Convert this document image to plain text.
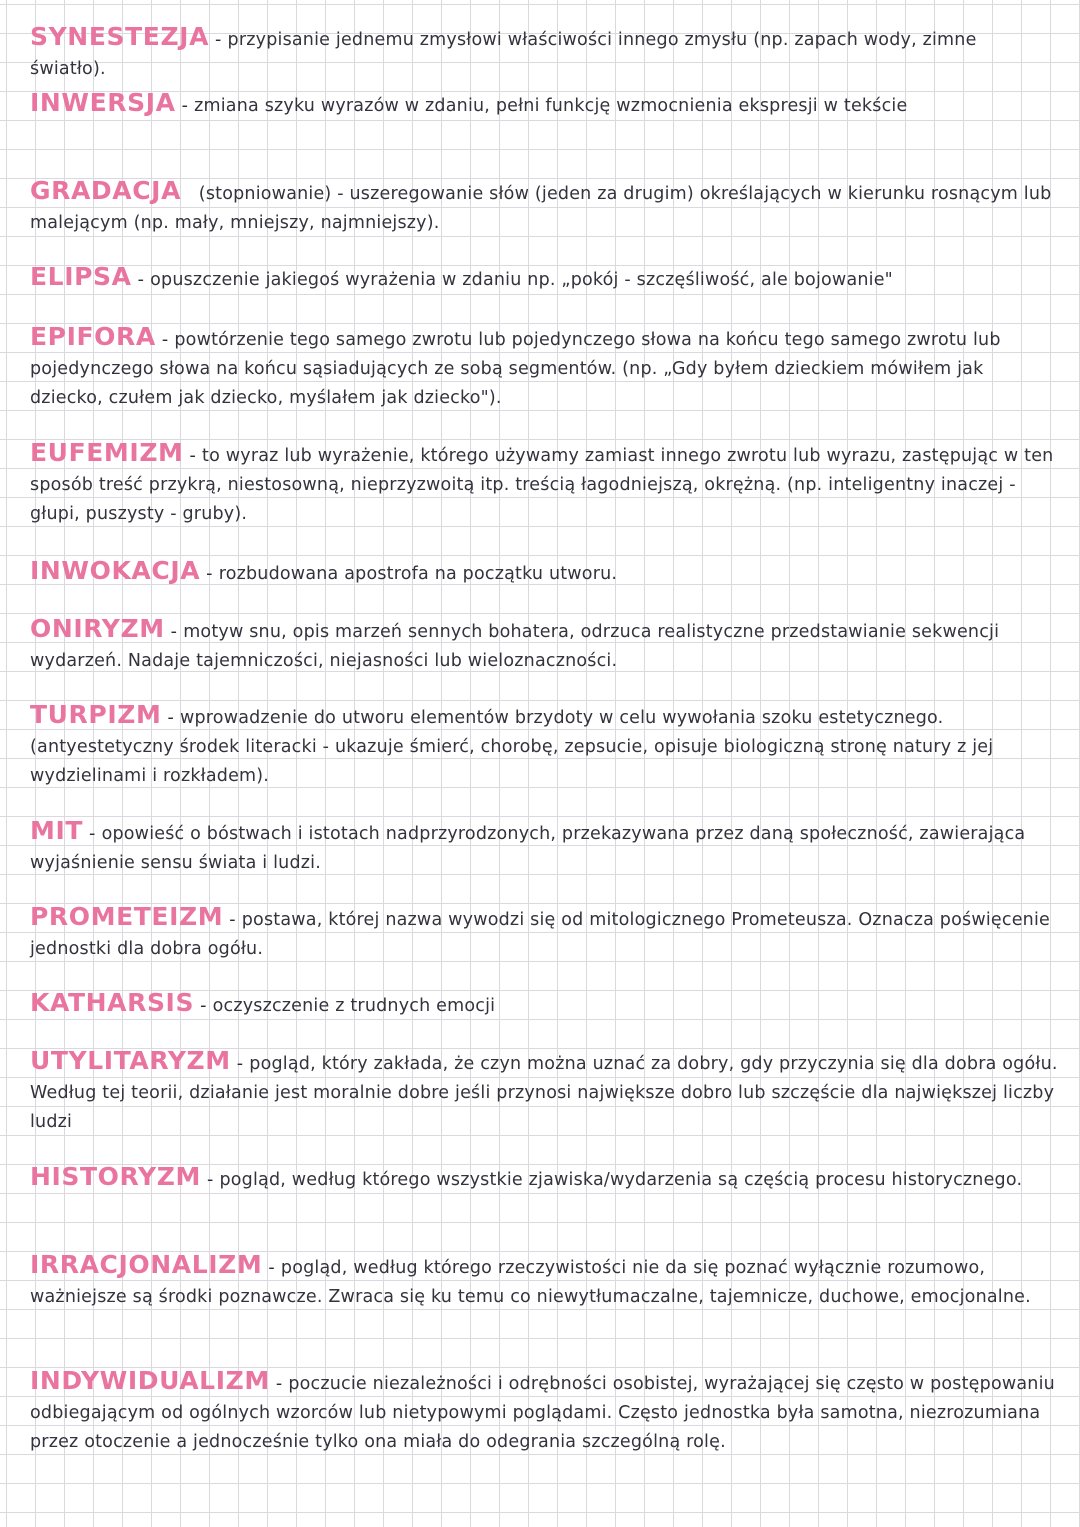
SYNESTEZJA - przypisanie jednemu zmysłowi właściwości innego zmysłu (np. zapach wody, zimne światło).
INWERSJA - zmiana szyku wyrazów w zdaniu, pełni funkcję wzmocnienia ekspresji w tekście
GRADACJA (stopniowanie) - uszeregowanie słów (jeden za drugim) określających w kierunku rosnącym lub malejącym (np. mały, mniejszy, najmniejszy).
ELIPSA - opuszczenie jakiegoś wyrażenia w zdaniu np. „pokój - szczęśliwość, ale bojowanie"
EPIFORA - powtórzenie tego samego zwrotu lub pojedynczego słowa na końcu tego samego zwrotu lub pojedynczego słowa na końcu sąsiadujących ze sobą segmentów. (np. „Gdy byłem dzieckiem mówiłem jak dziecko, czułem jak dziecko, myślałem jak dziecko").
EUFEMIZM - to wyraz lub wyrażenie, którego używamy zamiast innego zwrotu lub wyrazu, zastępując w ten sposób treść przykrą, niestosowną, nieprzyzwoitą itp. treścią łagodniejszą, okrężną. (np. inteligentny inaczej - głupi, puszysty - gruby).
INWOKACJA - rozbudowana apostrofa na początku utworu.
ONIRYZM - motyw snu, opis marzeń sennych bohatera, odrzuca realistyczne przedstawianie sekwencji wydarzeń. Nadaje tajemniczości, niejasności lub wieloznaczności.
TURPIZM - wprowadzenie do utworu elementów brzydoty w celu wywołania szoku estetycznego. (antyestetyczny środek literacki - ukazuje śmierć, chorobę, zepsucie, opisuje biologiczną stronę natury z jej wydzielinami i rozkładem).
MIT - opowieść o bóstwach i istotach nadprzyrodzonych, przekazywana przez daną społeczność, zawierająca wyjaśnienie sensu świata i ludzi.
PROMETEIZM - postawa, której nazwa wywodzi się od mitologicznego Prometeusza. Oznacza poświęcenie jednostki dla dobra ogółu.
KATHARSIS - oczyszczenie z trudnych emocji
UTYLITARYZM - pogląd, który zakłada, że czyn można uznać za dobry, gdy przyczynia się dla dobra ogółu. Według tej teorii, działanie jest moralnie dobre jeśli przynosi największe dobro lub szczęście dla największej liczby ludzi
HISTORYZM - pogląd, według którego wszystkie zjawiska/wydarzenia są częścią procesu historycznego.
IRRACJONALIZM - pogląd, według którego rzeczywistości nie da się poznać wyłącznie rozumowo, ważniejsze są środki poznawcze. Zwraca się ku temu co niewytłumaczalne, tajemnicze, duchowe, emocjonalne.
INDYWIDUALIZM - poczucie niezależności i odrębności osobistej, wyrażającej się często w postępowaniu odbiegającym od ogólnych wzorców lub nietypowymi poglądami. Często jednostka była samotna, niezrozumiana przez otoczenie a jednocześnie tylko ona miała do odegrania szczególną rolę.
